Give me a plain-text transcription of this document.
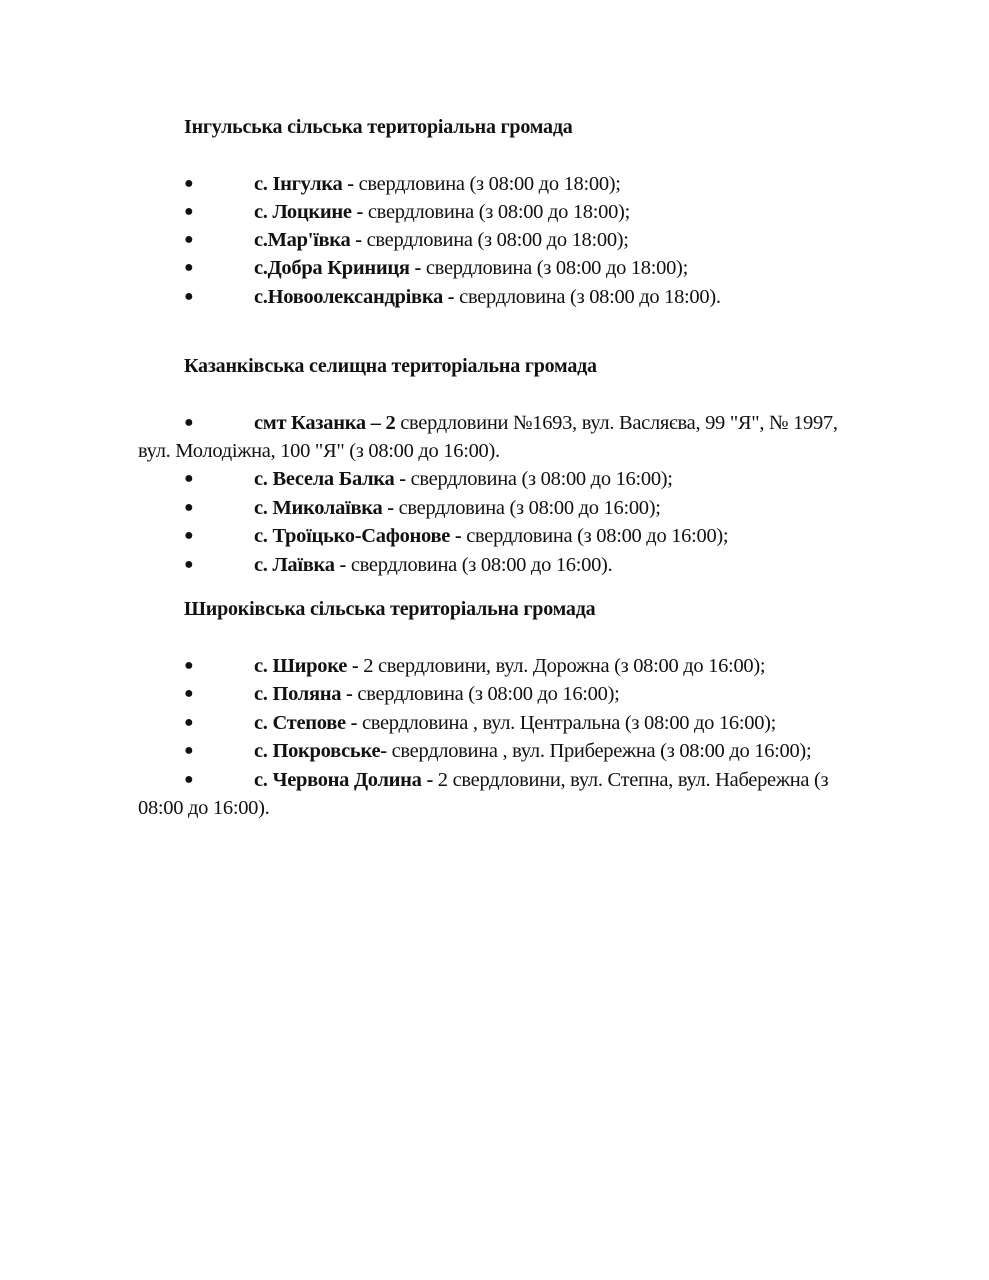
Інгульська сільська територіальна громада
●	с. Інгулка - свердловина (з 08:00 до 18:00);
●	с. Лоцкине - свердловина (з 08:00 до 18:00);
●	с.Мар'ївка - свердловина (з 08:00 до 18:00);
●	с.Добра Криниця - свердловина (з 08:00 до 18:00);
●	с.Новоолександрівка - свердловина (з 08:00 до 18:00).
Казанківська селищна територіальна громада
●	смт Казанка – 2 свердловини №1693, вул. Васляєва, 99 "Я", № 1997,
вул. Молодіжна, 100 "Я" (з 08:00 до 16:00).
●	с. Весела Балка - свердловина (з 08:00 до 16:00);
●	с. Миколаївка - свердловина (з 08:00 до 16:00);
●	с. Троїцько-Сафонове - свердловина (з 08:00 до 16:00);
●	с. Лаївка - свердловина (з 08:00 до 16:00).
Широківська сільська територіальна громада
●	с. Широке - 2 свердловини, вул. Дорожна (з 08:00 до 16:00);
●	с. Поляна - свердловина (з 08:00 до 16:00);
●	с. Степове - свердловина , вул. Центральна (з 08:00 до 16:00);
●	с. Покровське- свердловина , вул. Прибережна (з 08:00 до 16:00);
●	с. Червона Долина - 2 свердловини, вул. Степна, вул. Набережна (з
08:00 до 16:00).
